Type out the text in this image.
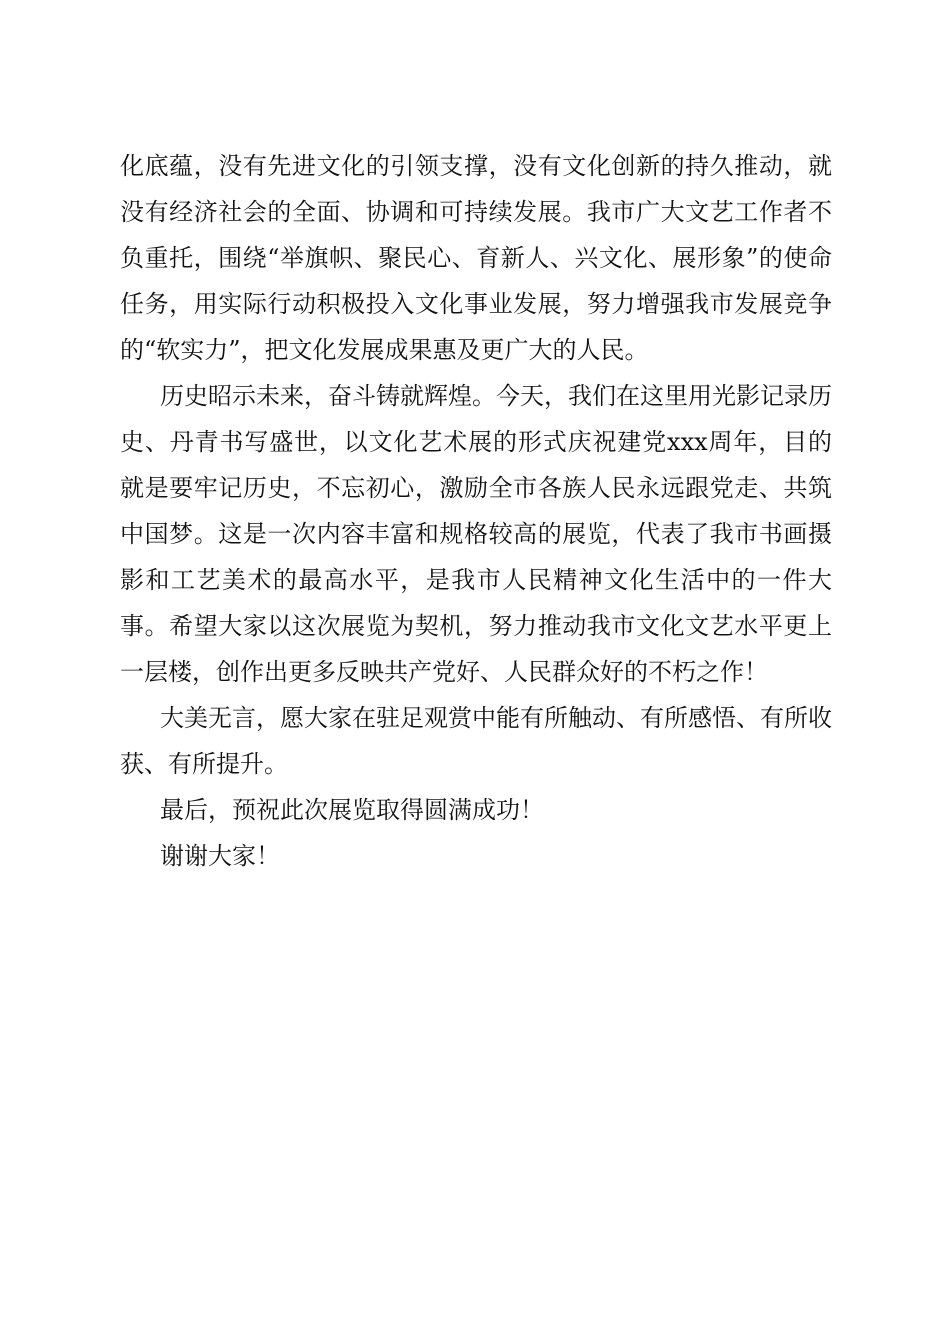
化底蕴，没有先进文化的引领支撑，没有文化创新的持久推动，就没有经济社会的全面、协调和可持续发展。我市广大文艺工作者不负重托，围绕“举旗帜、聚民心、育新人、兴文化、展形象”的使命任务，用实际行动积极投入文化事业发展，努力增强我市发展竞争的“软实力”，把文化发展成果惠及更广大的人民。

历史昭示未来，奋斗铸就辉煌。今天，我们在这里用光影记录历史、丹青书写盛世，以文化艺术展的形式庆祝建党xxx周年，目的就是要牢记历史，不忘初心，激励全市各族人民永远跟党走、共筑中国梦。这是一次内容丰富和规格较高的展览，代表了我市书画摄影和工艺美术的最高水平，是我市人民精神文化生活中的一件大事。希望大家以这次展览为契机，努力推动我市文化文艺水平更上一层楼，创作出更多反映共产党好、人民群众好的不朽之作！

大美无言，愿大家在驻足观赏中能有所触动、有所感悟、有所收获、有所提升。

最后，预祝此次展览取得圆满成功！

谢谢大家！
